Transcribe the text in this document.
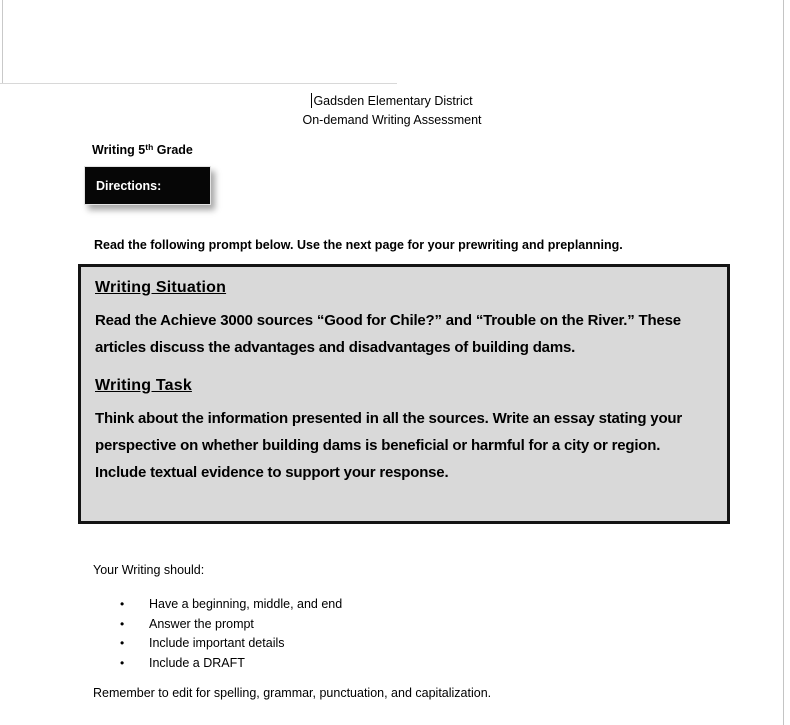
Gadsden Elementary District
On-demand Writing Assessment
Writing 5th Grade
Directions:
Read the following prompt below. Use the next page for your prewriting and preplanning.
Writing Situation
Read the Achieve 3000 sources “Good for Chile?” and “Trouble on the River.” These articles discuss the advantages and disadvantages of building dams.
Writing Task
Think about the information presented in all the sources. Write an essay stating your perspective on whether building dams is beneficial or harmful for a city or region. Include textual evidence to support your response.
Your Writing should:
•	Have a beginning, middle, and end
•	Answer the prompt
•	Include important details
•	Include a DRAFT
Remember to edit for spelling, grammar, punctuation, and capitalization.
